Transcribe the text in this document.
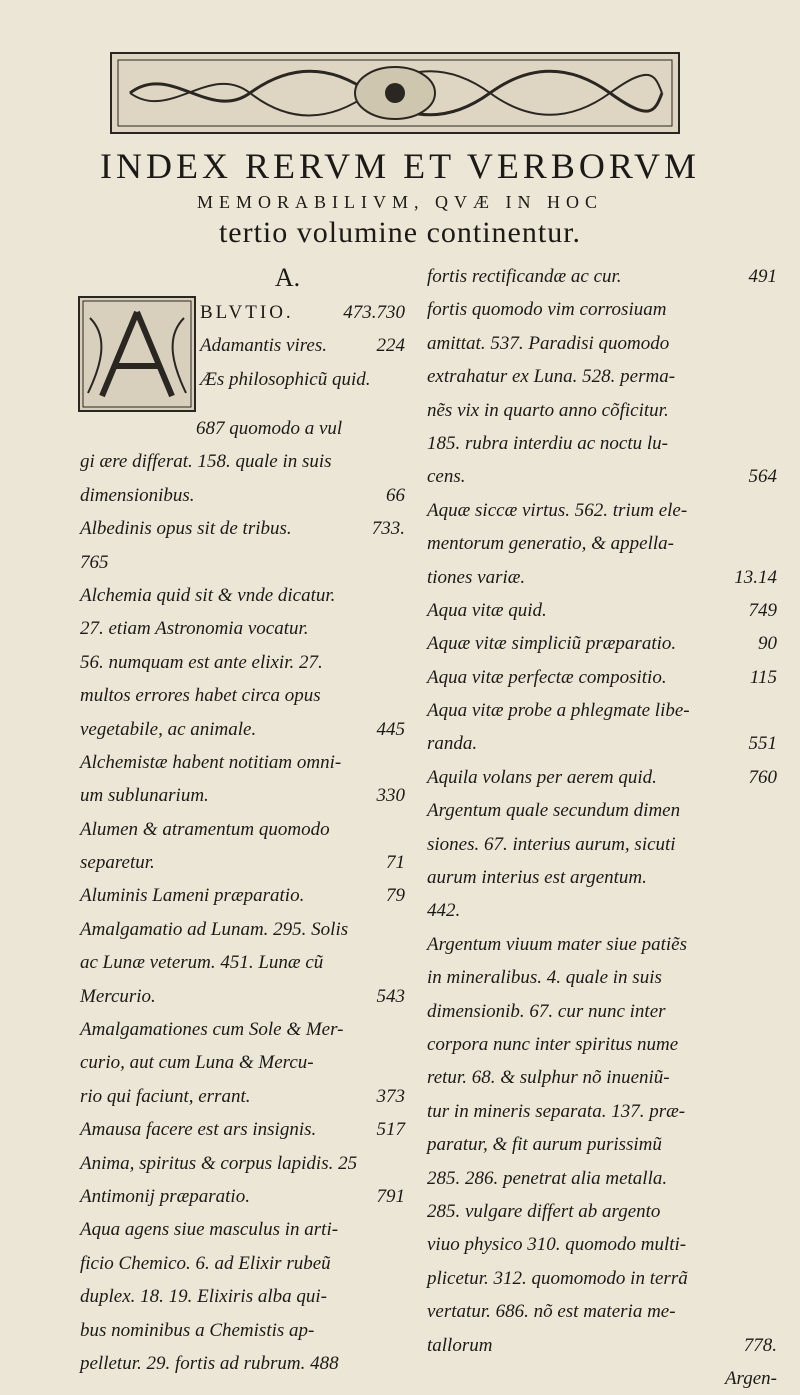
INDEX RERVM ET VERBORVM
MEMORABILIVM, QVÆ IN HOC
tertio volumine continentur.
A.
BLVTIO.	473.730
Adamantis vires.	224
Æs philosophicũ quid.
687 quomodo a vul
gi ære differat. 158. quale in suis
dimensionibus.	66
Albedinis opus sit de tribus.	733.
765
Alchemia quid sit & vnde dicatur.
27. etiam Astronomia vocatur.
56. numquam est ante elixir. 27.
multos errores habet circa opus
vegetabile, ac animale.	445
Alchemistæ habent notitiam omni-
um sublunarium.	330
Alumen & atramentum quomodo
separetur.	71
Aluminis Lameni præparatio.	79
Amalgamatio ad Lunam. 295. Solis
ac Lunæ veterum. 451. Lunæ cũ
Mercurio.	543
Amalgamationes cum Sole & Mer-
curio, aut cum Luna & Mercu-
rio qui faciunt, errant.	373
Amausa facere est ars insignis.	517
Anima, spiritus & corpus lapidis. 25
Antimonij præparatio.	791
Aqua agens siue masculus in arti-
ficio Chemico. 6. ad Elixir rubeũ
duplex. 18. 19. Elixiris alba qui-
bus nominibus a Chemistis ap-
pelletur. 29. fortis ad rubrum. 488
fortis rectificandæ ac cur.	491
fortis quomodo vim corrosiuam
amittat. 537. Paradisi quomodo
extrahatur ex Luna. 528. perma-
nẽs vix in quarto anno cõficitur.
185. rubra interdiu ac noctu lu-
cens.	564
Aquæ siccæ virtus. 562. trium ele-
mentorum generatio, & appella-
tiones variæ.	13.14
Aqua vitæ quid.	749
Aquæ vitæ simpliciũ præparatio.	90
Aqua vitæ perfectæ compositio.	115
Aqua vitæ probe a phlegmate libe-
randa.	551
Aquila volans per aerem quid.	760
Argentum quale secundum dimen
siones. 67. interius aurum, sicuti
aurum interius est argentum.
442.
Argentum viuum mater siue patiẽs
in mineralibus. 4. quale in suis
dimensionib. 67. cur nunc inter
corpora nunc inter spiritus nume
retur. 68. & sulphur nõ inueniũ-
tur in mineris separata. 137. præ-
paratur, & fit aurum purissimũ
285. 286. penetrat alia metalla.
285. vulgare differt ab argento
viuo physico 310. quomodo multi-
plicetur. 312. quomomodo in terrã
vertatur. 686. nõ est materia me-
tallorum	778.
Argen-
